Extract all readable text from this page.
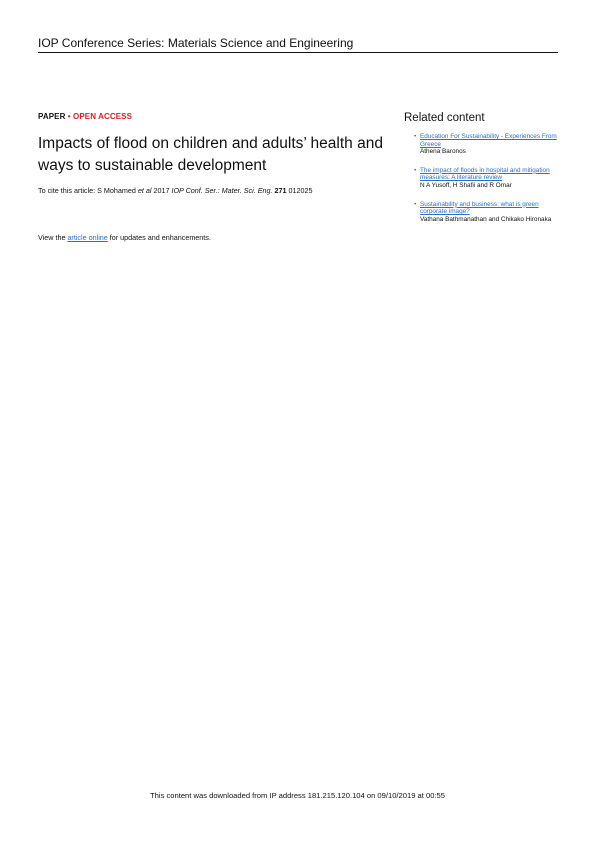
IOP Conference Series: Materials Science and Engineering
PAPER • OPEN ACCESS
Impacts of flood on children and adults’ health and ways to sustainable development
To cite this article: S Mohamed et al 2017 IOP Conf. Ser.: Mater. Sci. Eng. 271 012025
View the article online for updates and enhancements.
Related content
• Education For Sustainability - Experiences From Greece
Athena Baronos
• The impact of floods in hospital and mitigation measures: A literature review
N A Yusoff, H Shafii and R Omar
• Sustainability and business: what is green corporate image?
Vathana Bathmanathan and Chikako Hironaka
This content was downloaded from IP address 181.215.120.104 on 09/10/2019 at 00:55
